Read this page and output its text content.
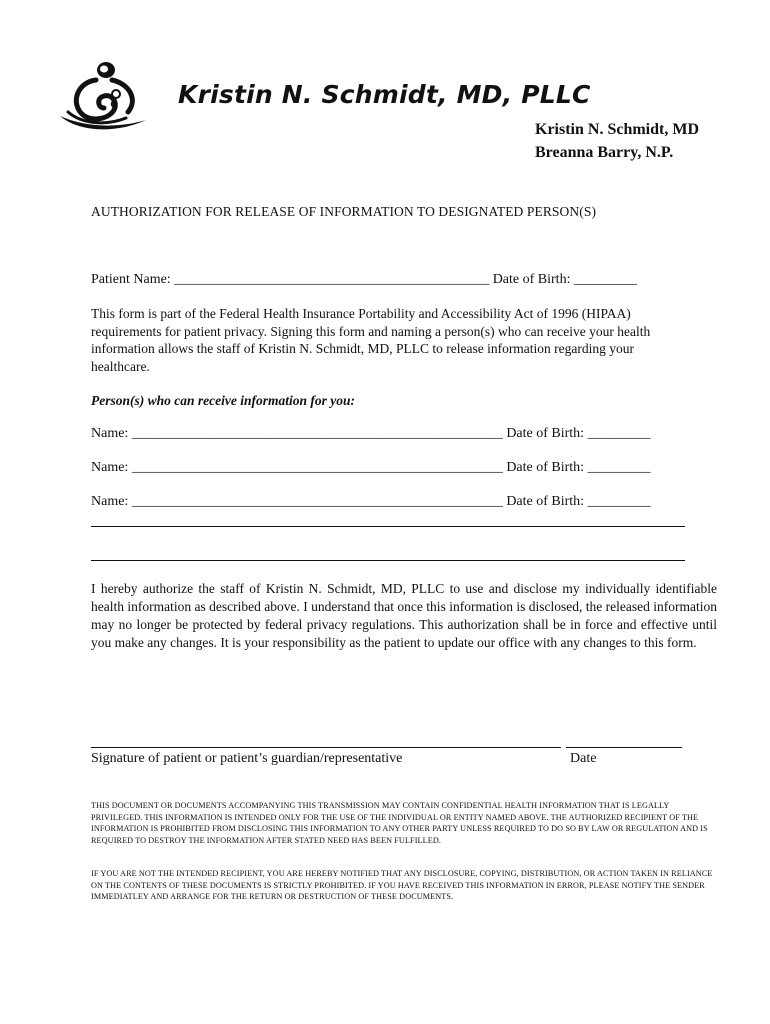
Kristin N. Schmidt, MD, PLLC
Kristin N. Schmidt, MD
Breanna Barry, N.P.
AUTHORIZATION FOR RELEASE OF INFORMATION TO DESIGNATED PERSON(S)
Patient Name: _____________________________________________ Date of Birth: _________
This form is part of the Federal Health Insurance Portability and Accessibility Act of 1996 (HIPAA) requirements for patient privacy. Signing this form and naming a person(s) who can receive your health information allows the staff of Kristin N. Schmidt, MD, PLLC to release information regarding your healthcare.
Person(s) who can receive information for you:
Name: _____________________________________________________ Date of Birth: _________
Name: _____________________________________________________ Date of Birth: _________
Name: _____________________________________________________ Date of Birth: _________
I hereby authorize the staff of Kristin N. Schmidt, MD, PLLC to use and disclose my individually identifiable health information as described above. I understand that once this information is disclosed, the released information may no longer be protected by federal privacy regulations. This authorization shall be in force and effective until you make any changes. It is your responsibility as the patient to update our office with any changes to this form.
Signature of patient or patient’s guardian/representative	Date
THIS DOCUMENT OR DOCUMENTS ACCOMPANYING THIS TRANSMISSION MAY CONTAIN CONFIDENTIAL HEALTH INFORMATION THAT IS LEGALLY PRIVILEGED. THIS INFORMATION IS INTENDED ONLY FOR THE USE OF THE INDIVIDUAL OR ENTITY NAMED ABOVE. THE AUTHORIZED RECIPIENT OF THE INFORMATION IS PROHIBITED FROM DISCLOSING THIS INFORMATION TO ANY OTHER PARTY UNLESS REQUIRED TO DO SO BY LAW OR REGULATION AND IS REQUIRED TO DESTROY THE INFORMATION AFTER STATED NEED HAS BEEN FULFILLED.
IF YOU ARE NOT THE INTENDED RECIPIENT, YOU ARE HEREBY NOTIFIED THAT ANY DISCLOSURE, COPYING, DISTRIBUTION, OR ACTION TAKEN IN RELIANCE ON THE CONTENTS OF THESE DOCUMENTS IS STRICTLY PROHIBITED. IF YOU HAVE RECEIVED THIS INFORMATION IN ERROR, PLEASE NOTIFY THE SENDER IMMEDIATLEY AND ARRANGE FOR THE RETURN OR DESTRUCTION OF THESE DOCUMENTS.
